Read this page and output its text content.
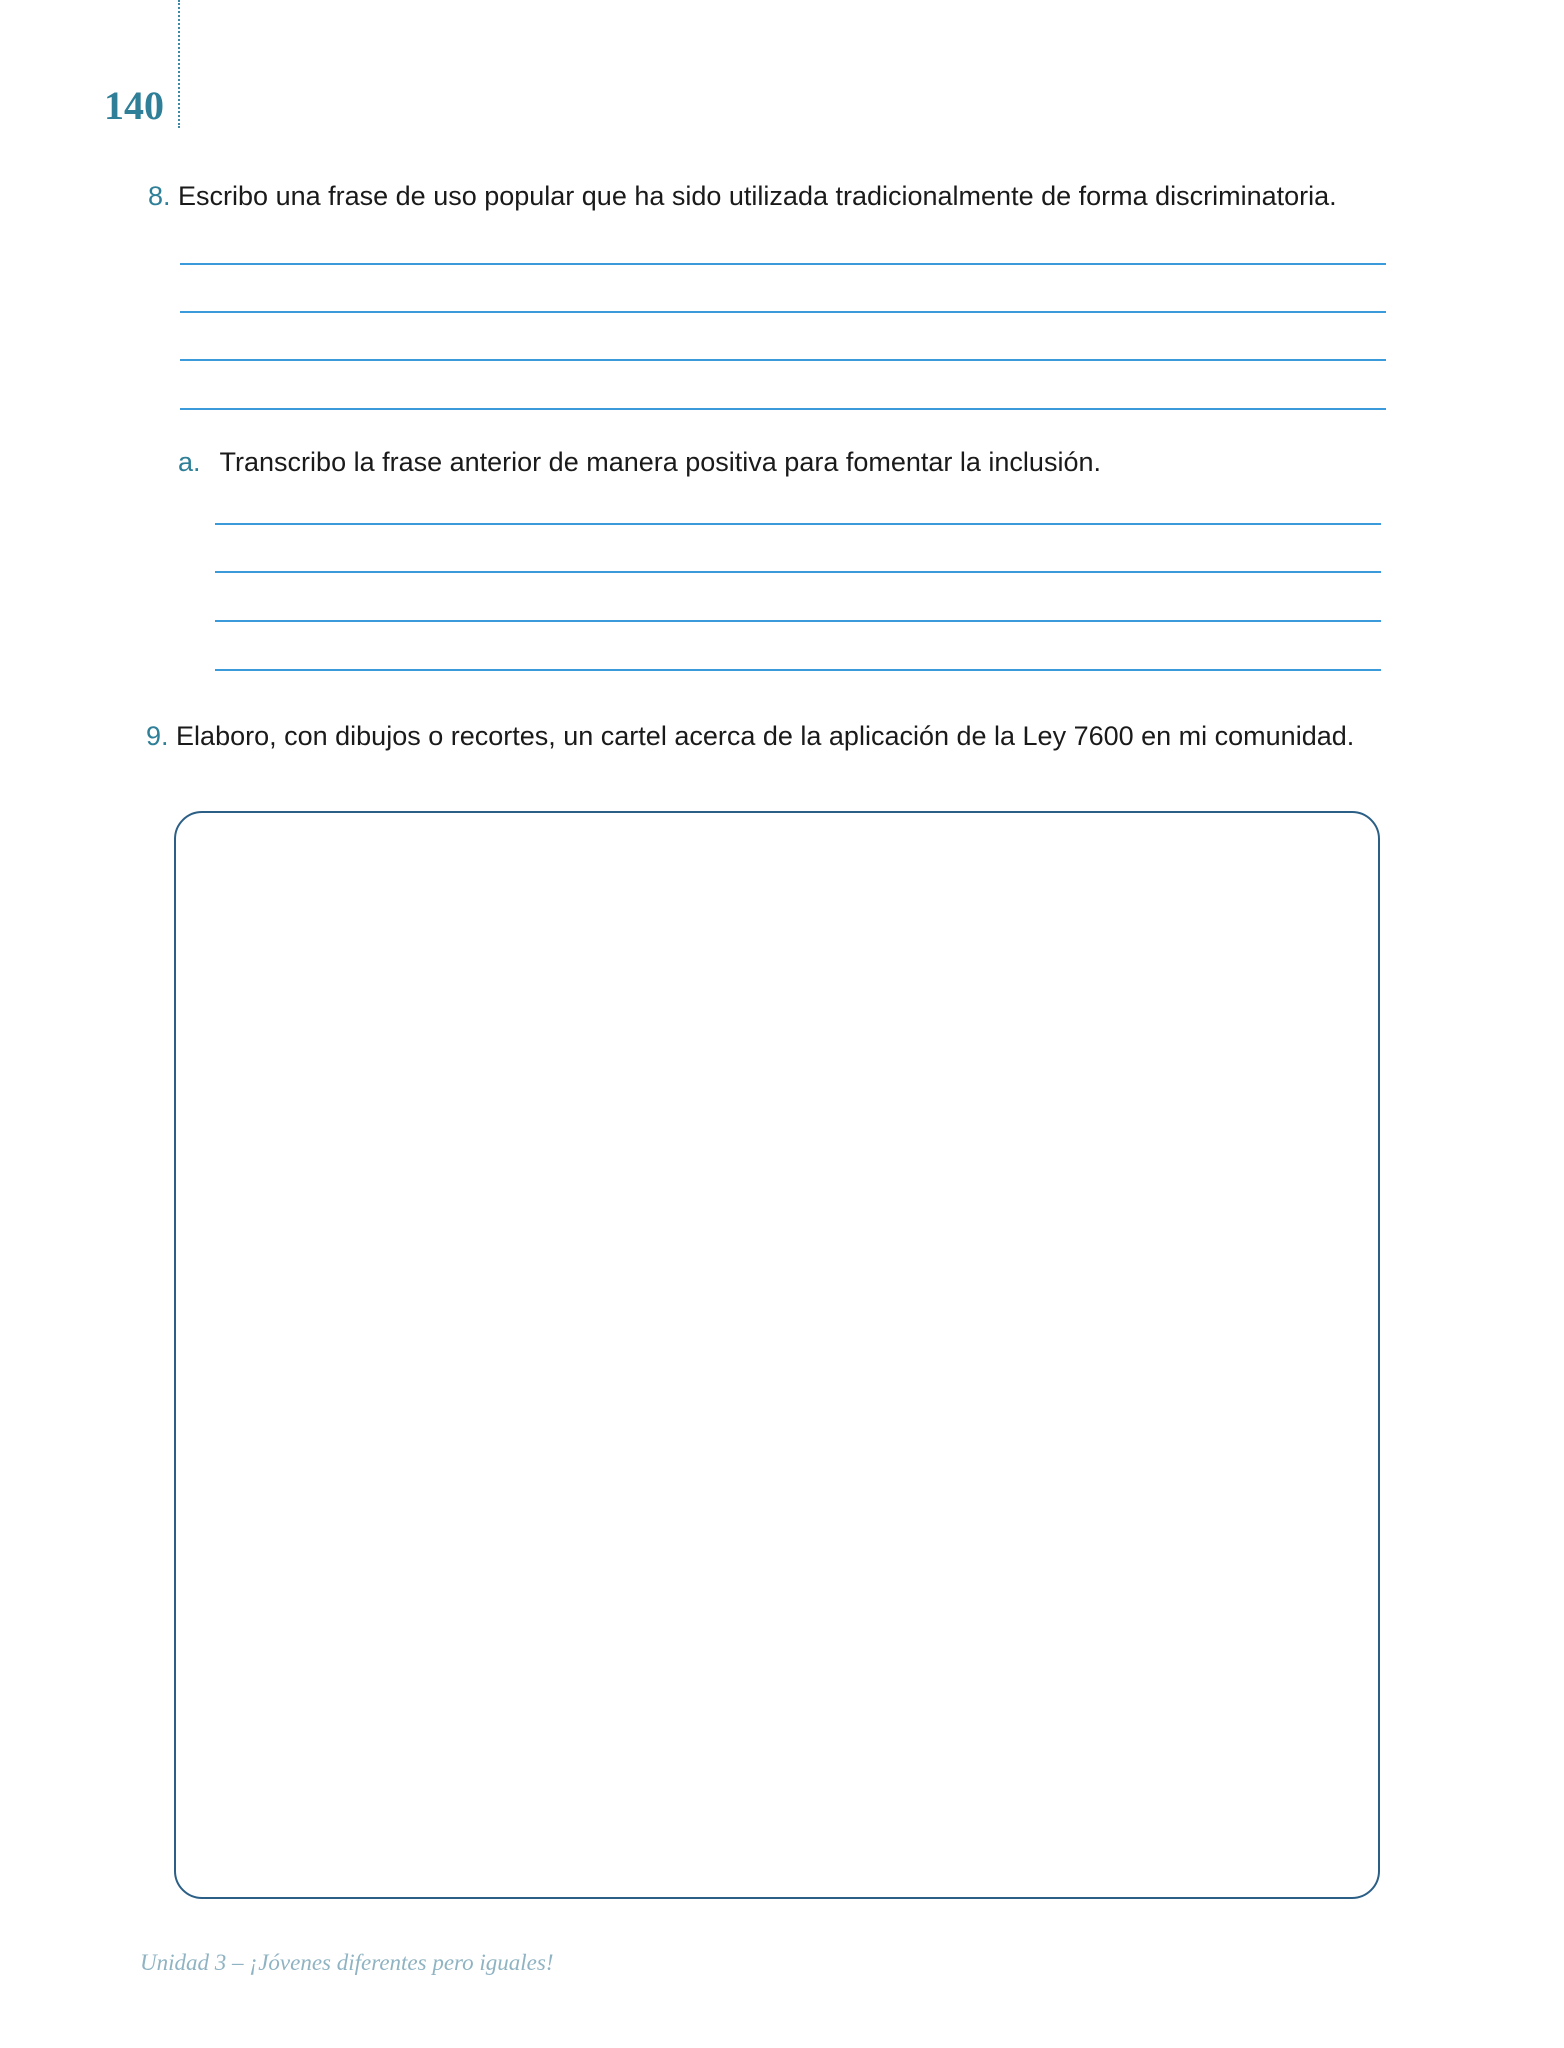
140
8. Escribo una frase de uso popular que ha sido utilizada tradicionalmente de forma discriminatoria.
a. Transcribo la frase anterior de manera positiva para fomentar la inclusión.
9. Elaboro, con dibujos o recortes, un cartel acerca de la aplicación de la Ley 7600 en mi comunidad.
Unidad 3 – ¡Jóvenes diferentes pero iguales!
